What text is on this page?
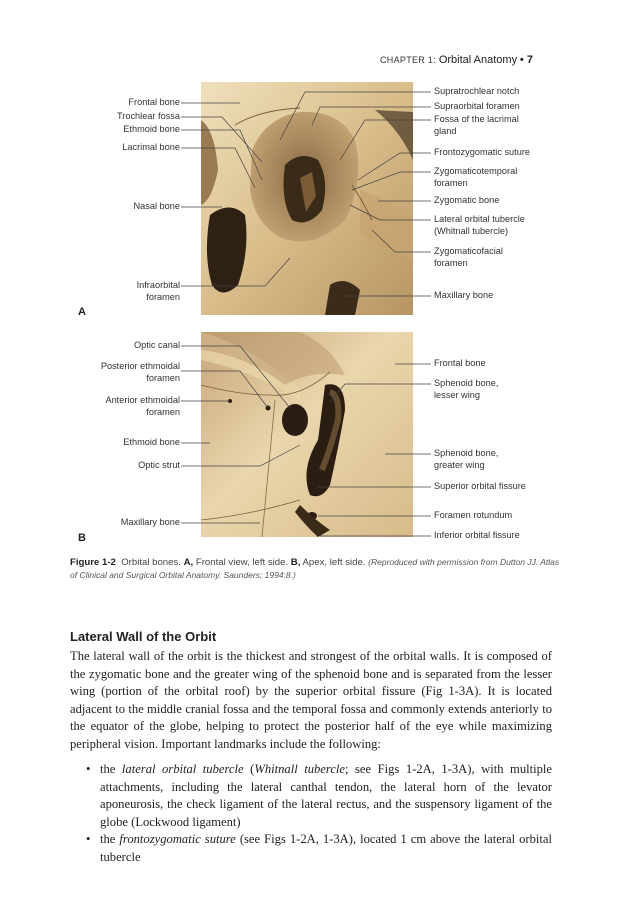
CHAPTER 1: Orbital Anatomy • 7
Frontal bone
Trochlear fossa
Ethmoid bone
Lacrimal bone
Nasal bone
Infraorbital
foramen
Supratrochlear notch
Supraorbital foramen
Fossa of the lacrimal
gland
Frontozygomatic suture
Zygomaticotemporal
foramen
Zygomatic bone
Lateral orbital tubercle
(Whitnall tubercle)
Zygomaticofacial
foramen
Maxillary bone
A
Optic canal
Posterior ethmoidal
foramen
Anterior ethmoidal
foramen
Ethmoid bone
Optic strut
Maxillary bone
Frontal bone
Sphenoid bone,
lesser wing
Sphenoid bone,
greater wing
Superior orbital fissure
Foramen rotundum
Inferior orbital fissure
B
Figure 1-2 Orbital bones. A, Frontal view, left side. B, Apex, left side. (Reproduced with permission from Dutton JJ. Atlas of Clinical and Surgical Orbital Anatomy. Saunders; 1994:8.)
Lateral Wall of the Orbit

The lateral wall of the orbit is the thickest and strongest of the orbital walls. It is composed of the zygomatic bone and the greater wing of the sphenoid bone and is separated from the lesser wing (portion of the orbital roof) by the superior orbital fissure (Fig 1-3A). It is located adjacent to the middle cranial fossa and the temporal fossa and commonly extends anteriorly to the equator of the globe, helping to protect the posterior half of the eye while maximizing peripheral vision. Important landmarks include the following:

• the lateral orbital tubercle (Whitnall tubercle; see Figs 1-2A, 1-3A), with multiple attachments, including the lateral canthal tendon, the lateral horn of the levator aponeurosis, the check ligament of the lateral rectus, and the suspensory ligament of the globe (Lockwood ligament)
• the frontozygomatic suture (see Figs 1-2A, 1-3A), located 1 cm above the lateral orbital tubercle
